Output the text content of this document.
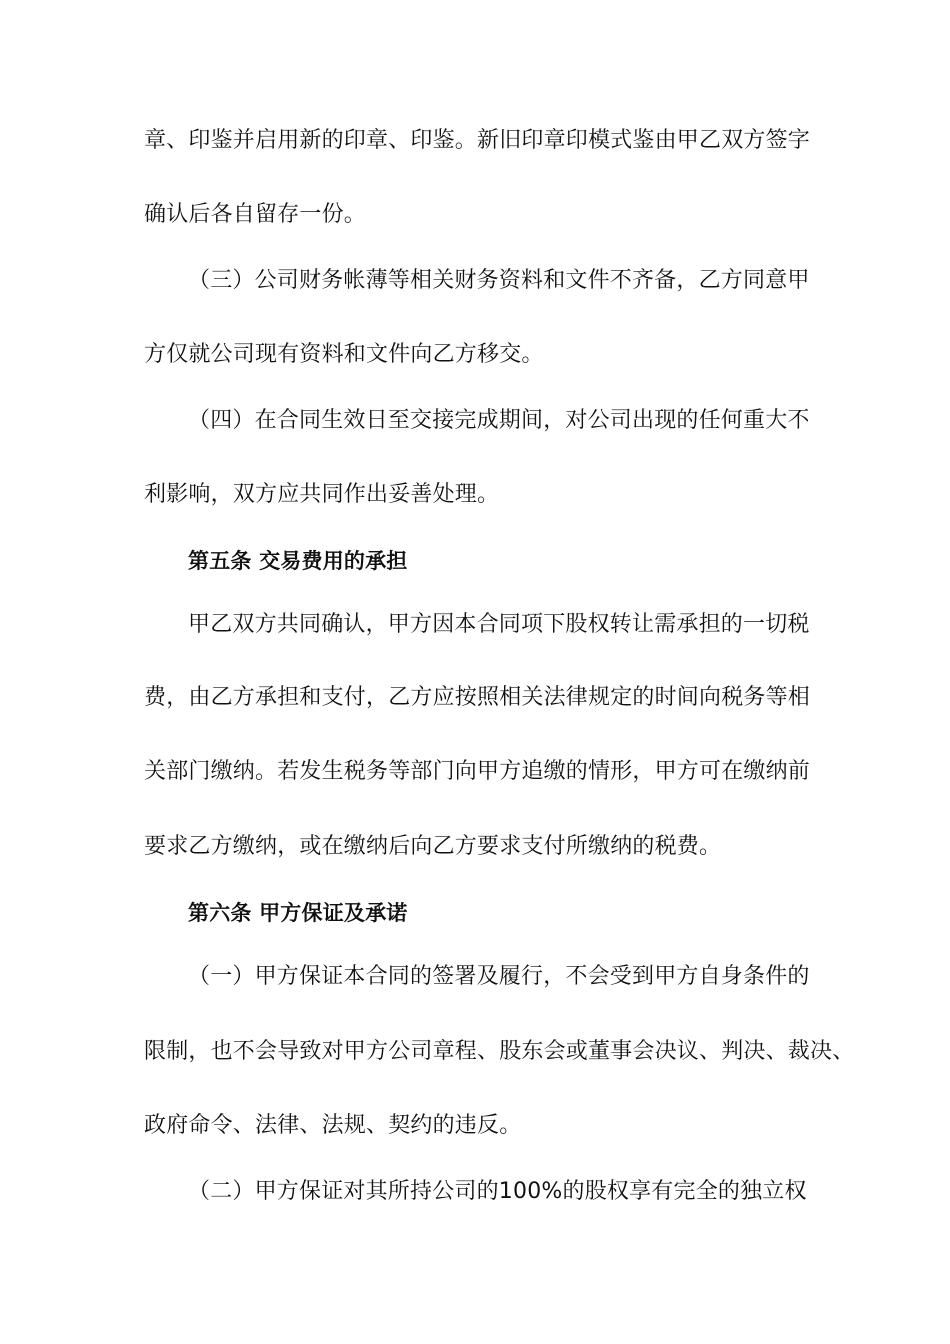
章、印鉴并启用新的印章、印鉴。新旧印章印模式鉴由甲乙双方签字
确认后各自留存一份。
（三）公司财务帐薄等相关财务资料和文件不齐备，乙方同意甲
方仅就公司现有资料和文件向乙方移交。
（四）在合同生效日至交接完成期间，对公司出现的任何重大不
利影响，双方应共同作出妥善处理。
第五条 交易费用的承担
甲乙双方共同确认，甲方因本合同项下股权转让需承担的一切税
费，由乙方承担和支付，乙方应按照相关法律规定的时间向税务等相
关部门缴纳。若发生税务等部门向甲方追缴的情形，甲方可在缴纳前
要求乙方缴纳，或在缴纳后向乙方要求支付所缴纳的税费。
第六条 甲方保证及承诺
（一）甲方保证本合同的签署及履行，不会受到甲方自身条件的
限制，也不会导致对甲方公司章程、股东会或董事会决议、判决、裁决、
政府命令、法律、法规、契约的违反。
（二）甲方保证对其所持公司的100%的股权享有完全的独立权
